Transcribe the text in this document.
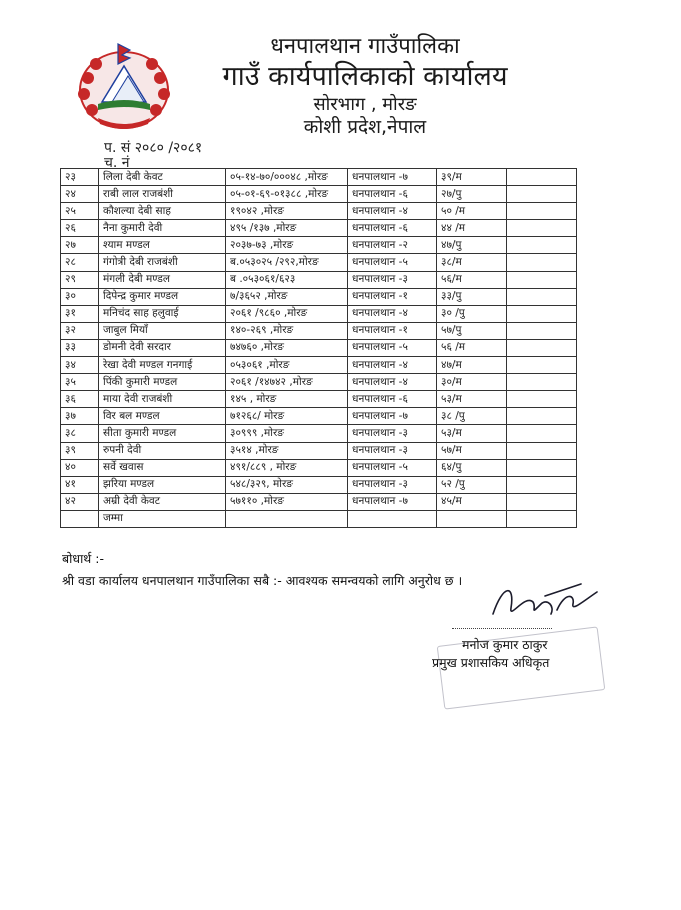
धनपालथान गाउँपालिका
गाउँ कार्यपालिकाको कार्यालय
सोरभाग , मोरङ
कोशी प्रदेश,नेपाल
प. सं २०८० /२०८१
च. नं
२३	लिला देबी केवट	०५-१४-७०/०००४८ ,मोरङ	धनपालथान -७	३९/म	
२४	राबी लाल राजबंशी	०५-०१-६९-०१३८८ ,मोरङ	धनपालथान -६	२७/पु	
२५	कौशल्या देबी साह	१९०४२ ,मोरङ	धनपालथान -४	५० /म	
२६	नैना कुमारी देवी	४९५ /१३७ ,मोरङ	धनपालथान -६	४४ /म	
२७	श्याम मण्डल	२०३७-७३ ,मोरङ	धनपालथान -२	४७/पु	
२८	गंगोत्री देबी राजबंशी	ब.०५३०२५ /२९२,मोरङ	धनपालथान -५	३८/म	
२९	मंगली देबी मण्डल	ब .०५३०६१/६२३	धनपालथान -३	५६/म	
३०	दिपेन्द्र कुमार मण्डल	७/३६५२ ,मोरङ	धनपालथान -१	३३/पु	
३१	मनिचंद साह हलुवाई	२०६१ /९८६० ,मोरङ	धनपालथान -४	३० /पु	
३२	जाबुल मियाँ	१४०-२६९ ,मोरङ	धनपालथान -१	५७/पु	
३३	डोमनी देवी सरदार	७४७६० ,मोरङ	धनपालथान -५	५६ /म	
३४	रेखा देवी मण्डल गनगाई	०५३०६१ ,मोरङ	धनपालथान -४	४७/म	
३५	पिंकी कुमारी मण्डल	२०६१ /१४७४२ ,मोरङ	धनपालथान -४	३०/म	
३६	माया देवी राजबंशी	१४५ , मोरङ	धनपालथान -६	५३/म	
३७	विर बल मण्डल	७१२६८/ मोरङ	धनपालथान -७	३८ /पु	
३८	सीता कुमारी मण्डल	३०९९९ ,मोरङ	धनपालथान -३	५३/म	
३९	रुपनी देवी	३५१४ ,मोरङ	धनपालथान -३	५७/म	
४०	सर्वे खवास	४९१/८८९ , मोरङ	धनपालथान -५	६४/पु	
४१	झरिया मण्डल	५४८/३२९, मोरङ	धनपालथान -३	५२ /पु	
४२	अम्री देवी केवट	५७११० ,मोरङ	धनपालथान -७	४५/म	
	जम्मा				
बोधार्थ :-
श्री वडा कार्यालय धनपालथान गाउँपालिका सबै :- आवश्यक समन्वयको लागि अनुरोध छ ।
मनोज कुमार ठाकुर
प्रमुख प्रशासकिय अधिकृत
